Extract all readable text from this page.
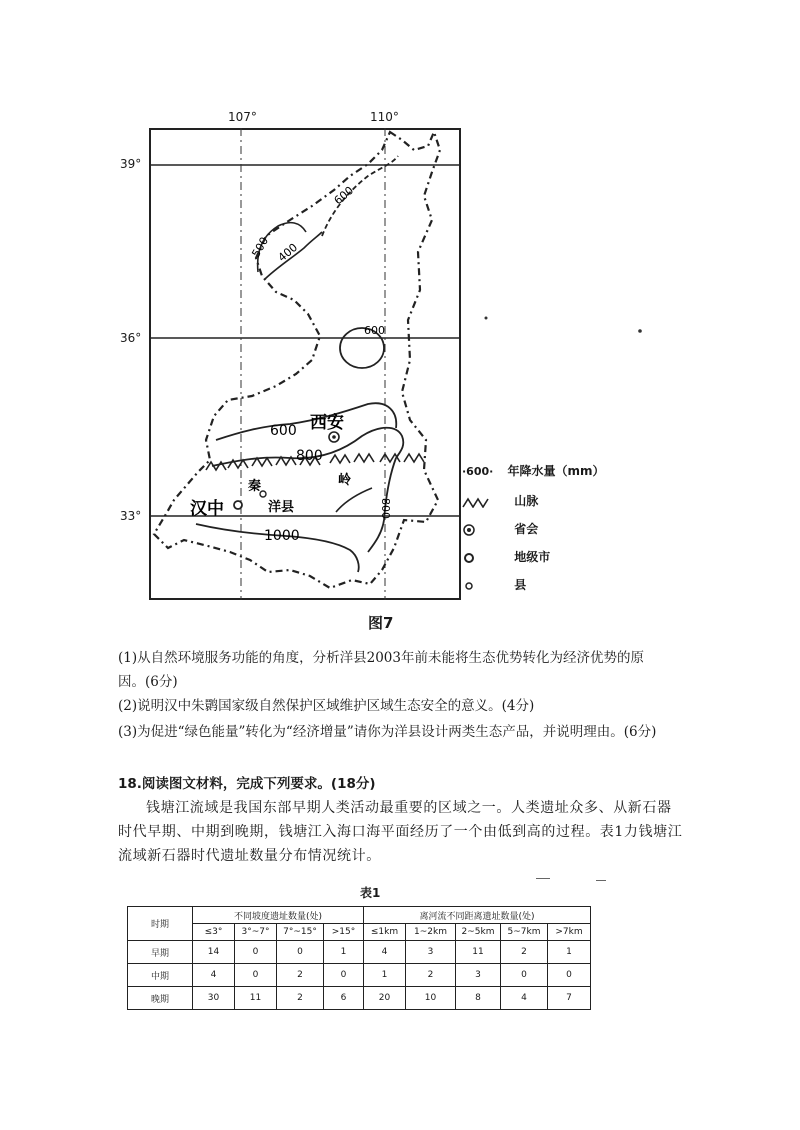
107°	110°
39°
36°
33°
600
500 400
600
600
800
800
1000
西安
汉中	洋县
秦	岭
图7
·600· 年降水量（mm）
山脉
省会
地级市
县
(1)从自然环境服务功能的角度，分析洋县2003年前未能将生态优势转化为经济优势的原
因。(6分)
(2)说明汉中朱鹮国家级自然保护区域维护区域生态安全的意义。(4分)
(3)为促进“绿色能量”转化为“经济增量”请你为洋县设计两类生态产品，并说明理由。(6分)
18.阅读图文材料，完成下列要求。(18分)
钱塘江流域是我国东部早期人类活动最重要的区域之一。人类遗址众多、从新石器
时代早期、中期到晚期，钱塘江入海口海平面经历了一个由低到高的过程。表1力钱塘江
流域新石器时代遗址数量分布情况统计。
表1
时期	不同坡度遗址数量(处)				离河流不同距离遗址数量(处)				
	≤3°	3°~7°	7°~15°	>15°	≤1km	1~2km	2~5km	5~7km	>7km
早期	14	0	0	1	4	3	11	2	1
中期	4	0	2	0	1	2	3	0	0
晚期	30	11	2	6	20	10	8	4	7
